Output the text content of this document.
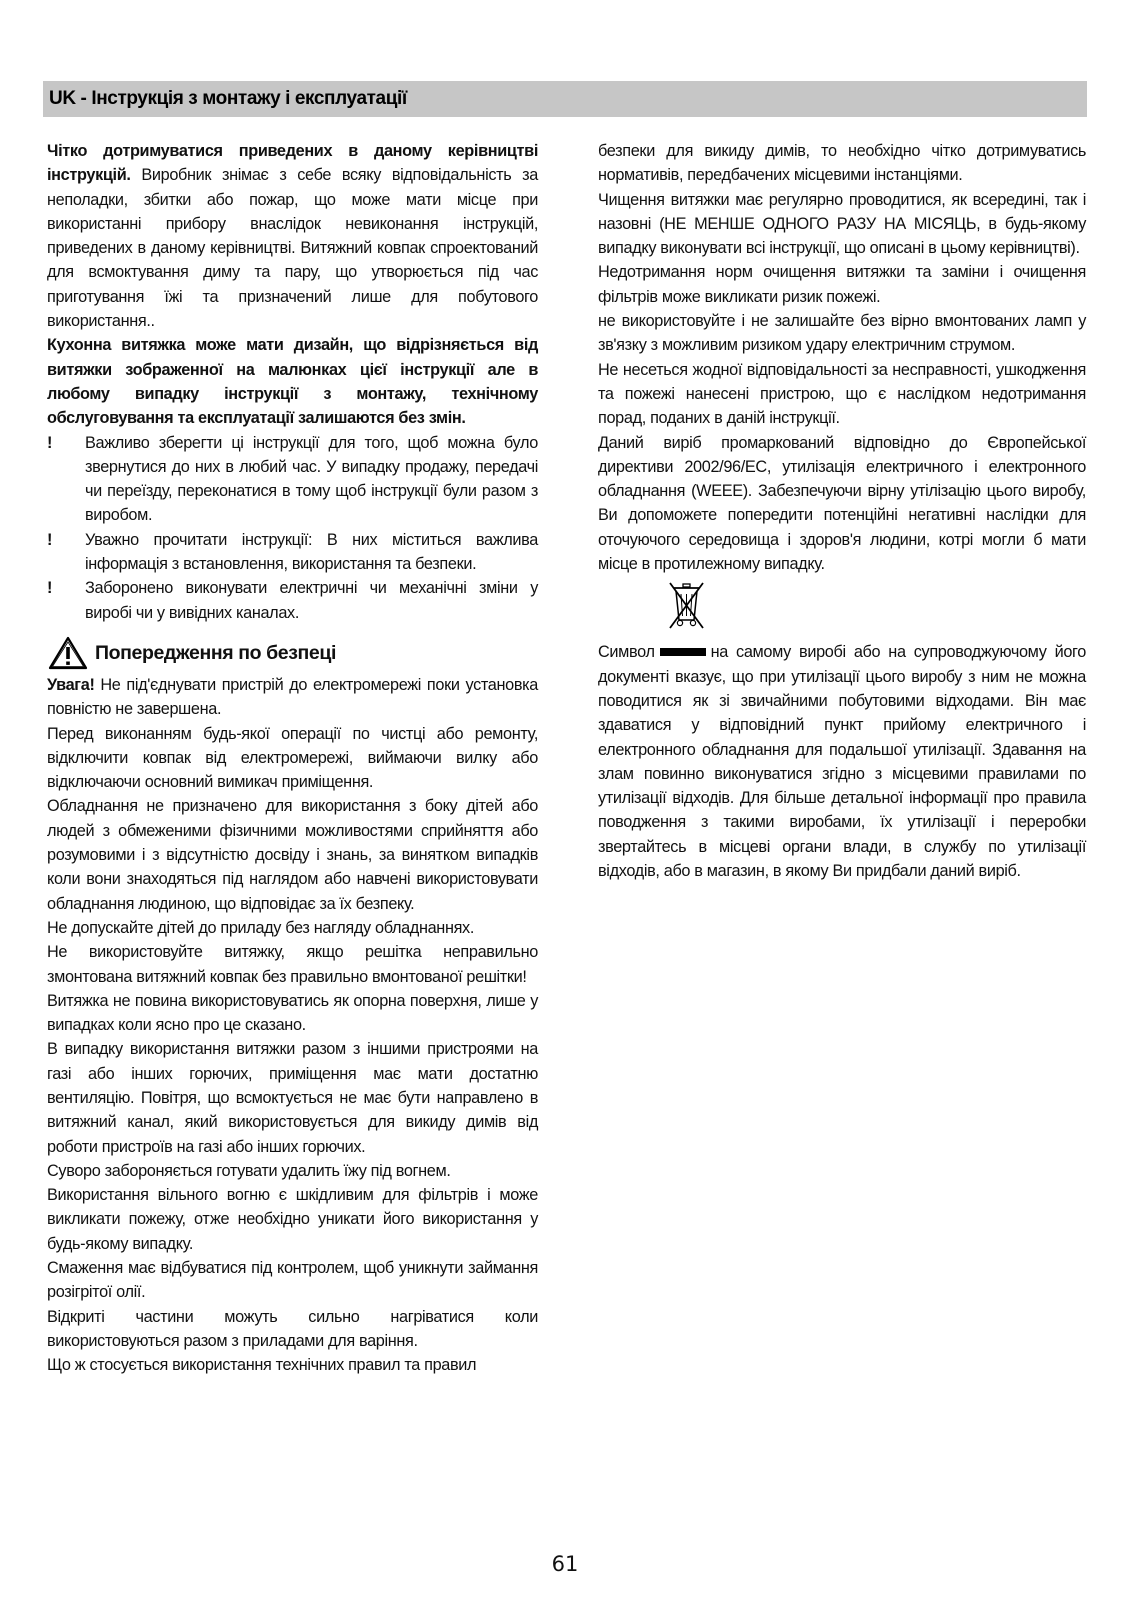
UK - Інструкція з монтажу і експлуатації

Чітко дотримуватися приведених в даному керівництві інструкцій. Виробник знімає з себе всяку відповідальність за неполадки, збитки або пожар, що може мати місце при використанні прибору внаслідок невиконання інструкцій, приведених в даному керівництві. Витяжний ковпак спроектований для всмоктування диму та пару, що утворюється під час приготування їжі та призначений лише для побутового використання..

Кухонна витяжка може мати дизайн, що відрізняється від витяжки зображенної на малюнках цієї інструкції але в любому випадку інструкції з монтажу, технічному обслуговування та експлуатації залишаются без змін.

!	Важливо зберегти ці інструкції для того, щоб можна було звернутися до них в любий час. У випадку продажу, передачі чи переїзду, переконатися в тому щоб інструкції були разом з виробом.
!	Уважно прочитати інструкції: В них міститься важлива інформація з встановлення, використання та безпеки.
!	Заборонено виконувати електричні чи механічні зміни у виробі чи у вивідних каналах.
Попередження по безпеці

Увага! Не під'єднувати пристрій до електромережі поки установка повністю не завершена.

Перед виконанням будь-якої операції по чистці або ремонту, відключити ковпак від електромережі, виймаючи вилку або відключаючи основний вимикач приміщення.

Обладнання не призначено для використання з боку дітей або людей з обмеженими фізичними можливостями сприйняття або розумовими і з відсутністю досвіду і знань, за винятком випадків коли вони знаходяться під наглядом або навчені використовувати обладнання людиною, що відповідає за їх безпеку.

Не допускайте дітей до приладу без нагляду обладнаннях.

Не використовуйте витяжку, якщо решітка неправильно змонтована витяжний ковпак без правильно вмонтованої решітки!

Витяжка не повина використовуватись як опорна поверхня, лише у випадках коли ясно про це сказано.

В випадку використання витяжки разом з іншими пристроями на газі або інших горючих, приміщення має мати достатню вентиляцію. Повітря, що всмоктується не має бути направлено в витяжний канал, який використовується для викиду димів від роботи пристроїв на газі або інших горючих.

Суворо забороняється готувати удалить їжу під вогнем.

Використання вільного вогню є шкідливим для фільтрів і може викликати пожежу, отже необхідно уникати його використання у будь-якому випадку.

Смаження має відбуватися під контролем, щоб уникнути займання розігрітої олії.

Відкриті частини можуть сильно нагріватися коли використовуються разом з приладами для варіння.

Що ж стосується використання технічних правил та правил

безпеки для викиду димів, то необхідно чітко дотримуватись нормативів, передбачених місцевими інстанціями.

Чищення витяжки має регулярно проводитися, як всередині, так і назовні (НЕ МЕНШЕ ОДНОГО РАЗУ НА МІСЯЦЬ, в будь-якому випадку виконувати всі інструкції, що описані в цьому керівництві).

Недотримання норм очищення витяжки та заміни і очищення фільтрів може викликати ризик пожежі.

не використовуйте і не залишайте без вірно вмонтованих ламп у зв'язку з можливим ризиком удару електричним струмом.

Не несеться жодної відповідальності за несправності, ушкодження та пожежі нанесені пристрою, що є наслідком недотримання порад, поданих в даній інструкції.

Даний виріб промаркований відповідно до Європейської директиви 2002/96/EC, утилізація електричного і електронного обладнання (WEEE). Забезпечуючи вірну утілізацію цього виробу, Ви допоможете попередити потенційні негативні наслідки для оточуючого середовища і здоров'я людини, котрі могли б мати місце в протилежному випадку.

Символ	на самому виробі або на супроводжуючому його документі вказує, що при утилізації цього виробу з ним не можна поводитися як зі звичайними побутовими відходами. Він має здаватися у відповідний пункт прийому електричного і електронного обладнання для подальшої утилізації. Здавання на злам повинно виконуватися згідно з місцевими правилами по утилізації відходів. Для більше детальної інформації про правила поводження з такими виробами, їх утилізації і переробки звертайтесь в місцеві органи влади, в службу по утилізації відходів, або в магазин, в якому Ви придбали даний виріб.

61
